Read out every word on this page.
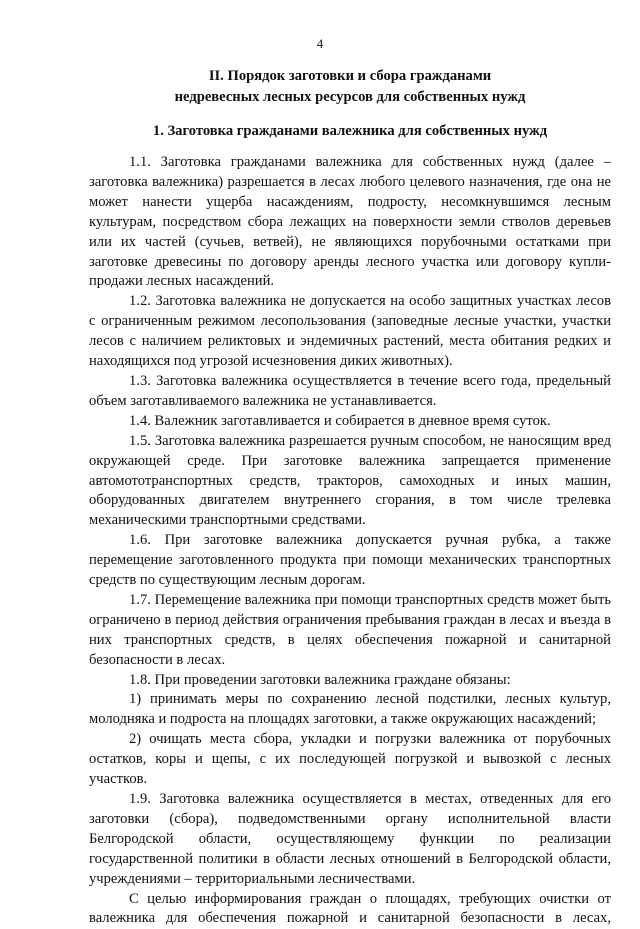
4
II. Порядок заготовки и сбора гражданами
недревесных лесных ресурсов для собственных нужд
1. Заготовка гражданами валежника для собственных нужд

1.1. Заготовка гражданами валежника для собственных нужд (далее – заготовка валежника) разрешается в лесах любого целевого назначения, где она не может нанести ущерба насаждениям, подросту, несомкнувшимся лесным культурам, посредством сбора лежащих на поверхности земли стволов деревьев или их частей (сучьев, ветвей), не являющихся порубочными остатками при заготовке древесины по договору аренды лесного участка или договору купли-продажи лесных насаждений.

1.2. Заготовка валежника не допускается на особо защитных участках лесов с ограниченным режимом лесопользования (заповедные лесные участки, участки лесов с наличием реликтовых и эндемичных растений, места обитания редких и находящихся под угрозой исчезновения диких животных).

1.3. Заготовка валежника осуществляется в течение всего года, предельный объем заготавливаемого валежника не устанавливается.

1.4. Валежник заготавливается и собирается в дневное время суток.

1.5. Заготовка валежника разрешается ручным способом, не наносящим вред окружающей среде. При заготовке валежника запрещается применение автомототранспортных средств, тракторов, самоходных и иных машин, оборудованных двигателем внутреннего сгорания, в том числе трелевка механическими транспортными средствами.

1.6. При заготовке валежника допускается ручная рубка, а также перемещение заготовленного продукта при помощи механических транспортных средств по существующим лесным дорогам.

1.7. Перемещение валежника при помощи транспортных средств может быть ограничено в период действия ограничения пребывания граждан в лесах и въезда в них транспортных средств, в целях обеспечения пожарной и санитарной безопасности в лесах.

1.8. При проведении заготовки валежника граждане обязаны:

1) принимать меры по сохранению лесной подстилки, лесных культур, молодняка и подроста на площадях заготовки, а также окружающих насаждений;

2) очищать места сбора, укладки и погрузки валежника от порубочных остатков, коры и щепы, с их последующей погрузкой и вывозкой с лесных участков.

1.9. Заготовка валежника осуществляется в местах, отведенных для его заготовки (сбора), подведомственными органу исполнительной власти Белгородской области, осуществляющему функции по реализации государственной политики в области лесных отношений в Белгородской области, учреждениями – территориальными лесничествами.

С целью информирования граждан о площадях, требующих очистки от валежника для обеспечения пожарной и санитарной безопасности в лесах,
